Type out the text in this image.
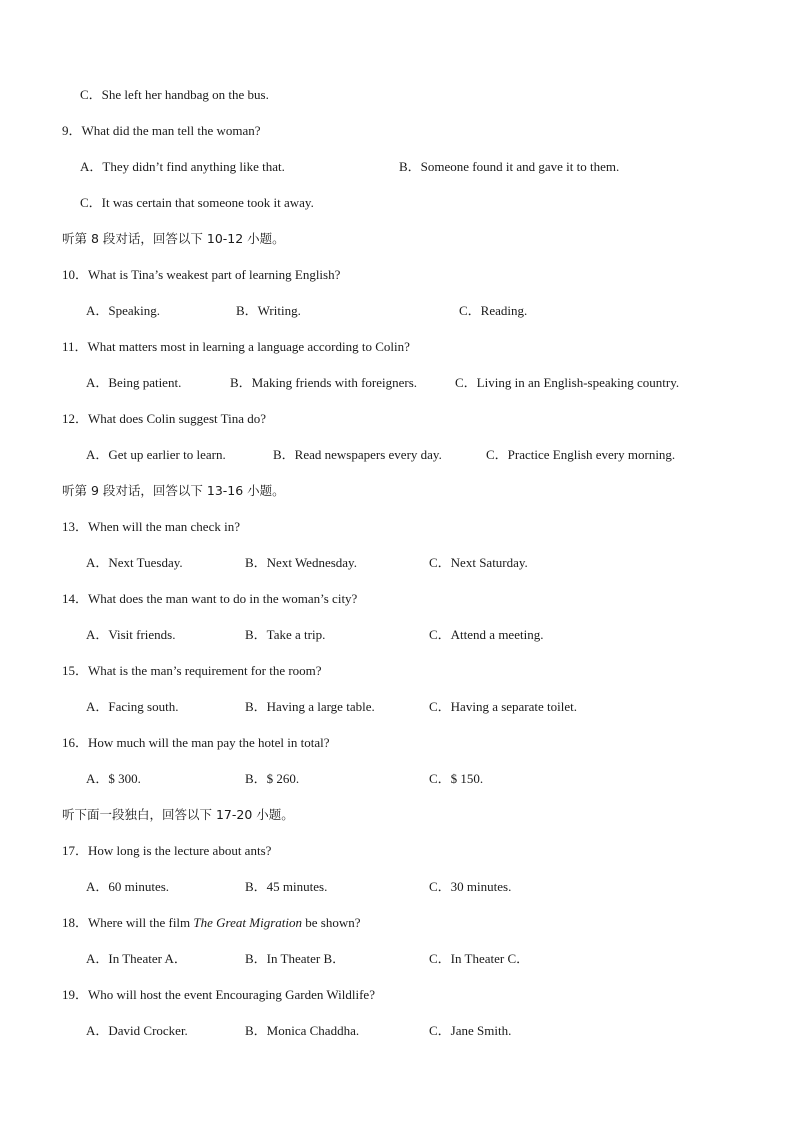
C．She left her handbag on the bus.
9．What did the man tell the woman?
A．They didn’t find anything like that.	B．Someone found it and gave it to them.
C．It was certain that someone took it away.
听第 8 段对话，回答以下 10-12 小题。
10．What is Tina’s weakest part of learning English?
A．Speaking.	B．Writing.	C．Reading.
11．What matters most in learning a language according to Colin?
A．Being patient.	B．Making friends with foreigners.	C．Living in an English-speaking country.
12．What does Colin suggest Tina do?
A．Get up earlier to learn.	B．Read newspapers every day.	C．Practice English every morning.
听第 9 段对话，回答以下 13-16 小题。
13．When will the man check in?
A．Next Tuesday.	B．Next Wednesday.	C．Next Saturday.
14．What does the man want to do in the woman’s city?
A．Visit friends.	B．Take a trip.	C．Attend a meeting.
15．What is the man’s requirement for the room?
A．Facing south.	B．Having a large table.	C．Having a separate toilet.
16．How much will the man pay the hotel in total?
A．$ 300.	B．$ 260.	C．$ 150.
听下面一段独白，回答以下 17-20 小题。
17．How long is the lecture about ants?
A．60 minutes.	B．45 minutes.	C．30 minutes.
18．Where will the film The Great Migration be shown?
A．In Theater A．	B．In Theater B．	C．In Theater C．
19．Who will host the event Encouraging Garden Wildlife?
A．David Crocker.	B．Monica Chaddha.	C．Jane Smith.
